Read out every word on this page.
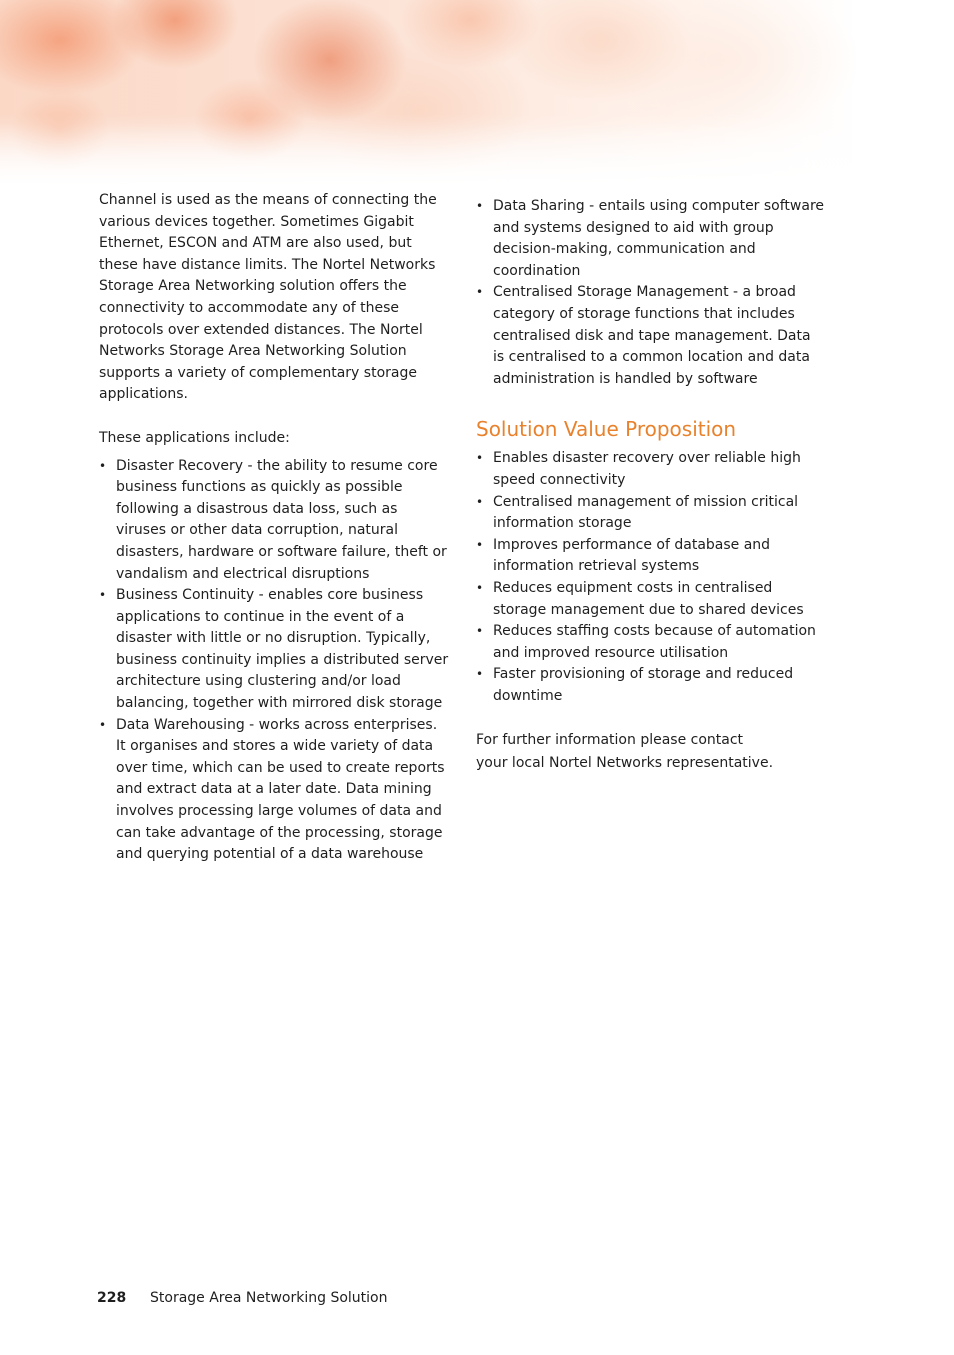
Channel is used as the means of connecting the various devices together. Sometimes Gigabit Ethernet, ESCON and ATM are also used, but these have distance limits. The Nortel Networks Storage Area Networking solution offers the connectivity to accommodate any of these protocols over extended distances. The Nortel Networks Storage Area Networking Solution supports a variety of complementary storage applications.

These applications include:

• Disaster Recovery - the ability to resume core business functions as quickly as possible following a disastrous data loss, such as viruses or other data corruption, natural disasters, hardware or software failure, theft or vandalism and electrical disruptions
• Business Continuity - enables core business applications to continue in the event of a disaster with little or no disruption. Typically, business continuity implies a distributed server architecture using clustering and/or load balancing, together with mirrored disk storage
• Data Warehousing - works across enterprises. It organises and stores a wide variety of data over time, which can be used to create reports and extract data at a later date. Data mining involves processing large volumes of data and can take advantage of the processing, storage and querying potential of a data warehouse
• Data Sharing - entails using computer software and systems designed to aid with group decision-making, communication and coordination
• Centralised Storage Management - a broad category of storage functions that includes centralised disk and tape management. Data is centralised to a common location and data administration is handled by software
Solution Value Proposition
• Enables disaster recovery over reliable high speed connectivity
• Centralised management of mission critical information storage
• Improves performance of database and information retrieval systems
• Reduces equipment costs in centralised storage management due to shared devices
• Reduces staffing costs because of automation and improved resource utilisation
• Faster provisioning of storage and reduced downtime

For further information please contact
your local Nortel Networks representative.

228 Storage Area Networking Solution
